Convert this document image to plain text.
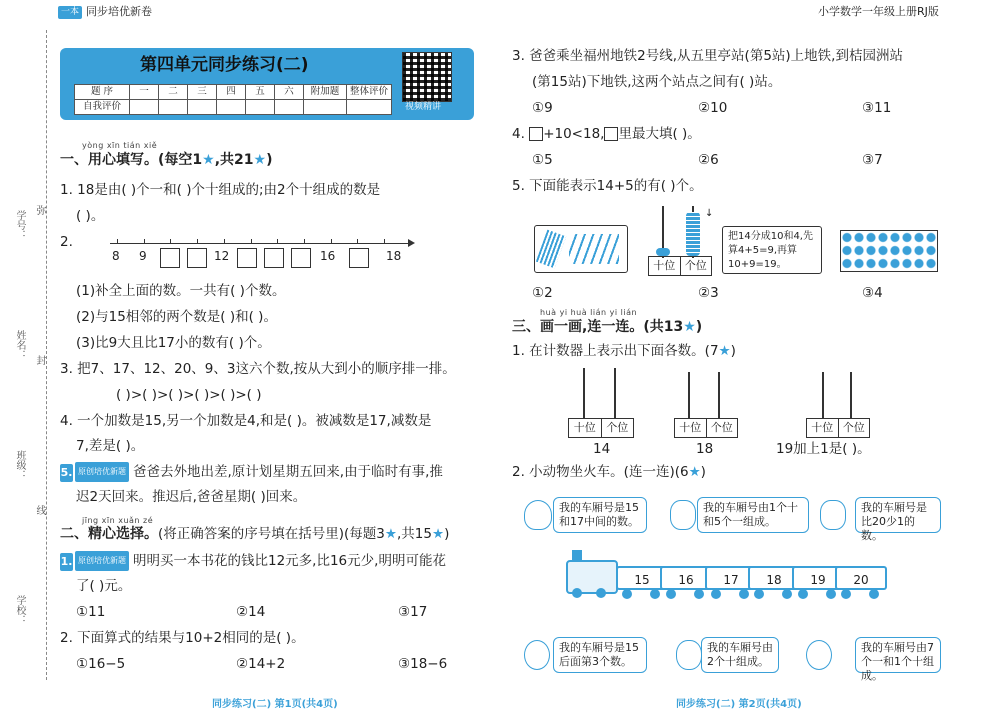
一本 同步培优新卷	小学数学一年级上册RJ版
学校：
班级：
姓名：
学号： 弥
封
线
第四单元同步练习(二)
题 序	一	二	三	四	五	六	附加题	整体评价
自我评价	视频精讲
yòng xīn tián xiě
一、用心填写。(每空1★,共21★)
1. 18是由( )个一和( )个十组成的;由2个十组成的数是
( )。
2.
8 9	12	16	18
(1)补全上面的数。一共有( )个数。
(2)与15相邻的两个数是( )和( )。
(3)比9大且比17小的数有( )个。
3. 把7、17、12、20、9、3这六个数,按从大到小的顺序排一排。
( )>( )>( )>( )>( )>( )
4. 一个加数是15,另一个加数是4,和是( )。被减数是17,减数是
7,差是( )。
5. 原创培优新题 爸爸去外地出差,原计划星期五回来,由于临时有事,推
迟2天回来。推迟后,爸爸星期( )回来。
jīng xīn xuǎn zé
二、精心选择。(将正确答案的序号填在括号里)(每题3★,共15★)
1. 原创培优新题 明明买一本书花的钱比12元多,比16元少,明明可能花
了( )元。
①11	②14	③17
2. 下面算式的结果与10+2相同的是( )。
①16−5	②14+2	③18−6
同步练习(二) 第1页(共4页)
3. 爸爸乘坐福州地铁2号线,从五里亭站(第5站)上地铁,到桔园洲站
(第15站)下地铁,这两个站点之间有( )站。
①9	②10	③11
4. +10<18, 里最大填( )。
①5	②6	③7
5. 下面能表示14+5的有( )个。
十位 个位
↓
把14分成10和4,先算4+5=9,再算10+9=19。
①2	②3	③4
huà yi huà lián yi lián
三、画一画,连一连。(共13★)
1. 在计数器上表示出下面各数。(7★)
十位 个位
14
十位 个位
18
十位 个位
19加上1是( )。
2. 小动物坐火车。(连一连)(6★)
我的车厢号是15和17中间的数。
我的车厢号由1个十和5个一组成。
我的车厢号是比20少1的数。
15	16	17	18	19	20
我的车厢号是15后面第3个数。
我的车厢号由2个十组成。
我的车厢号由7个一和1个十组成。
同步练习(二) 第2页(共4页)
